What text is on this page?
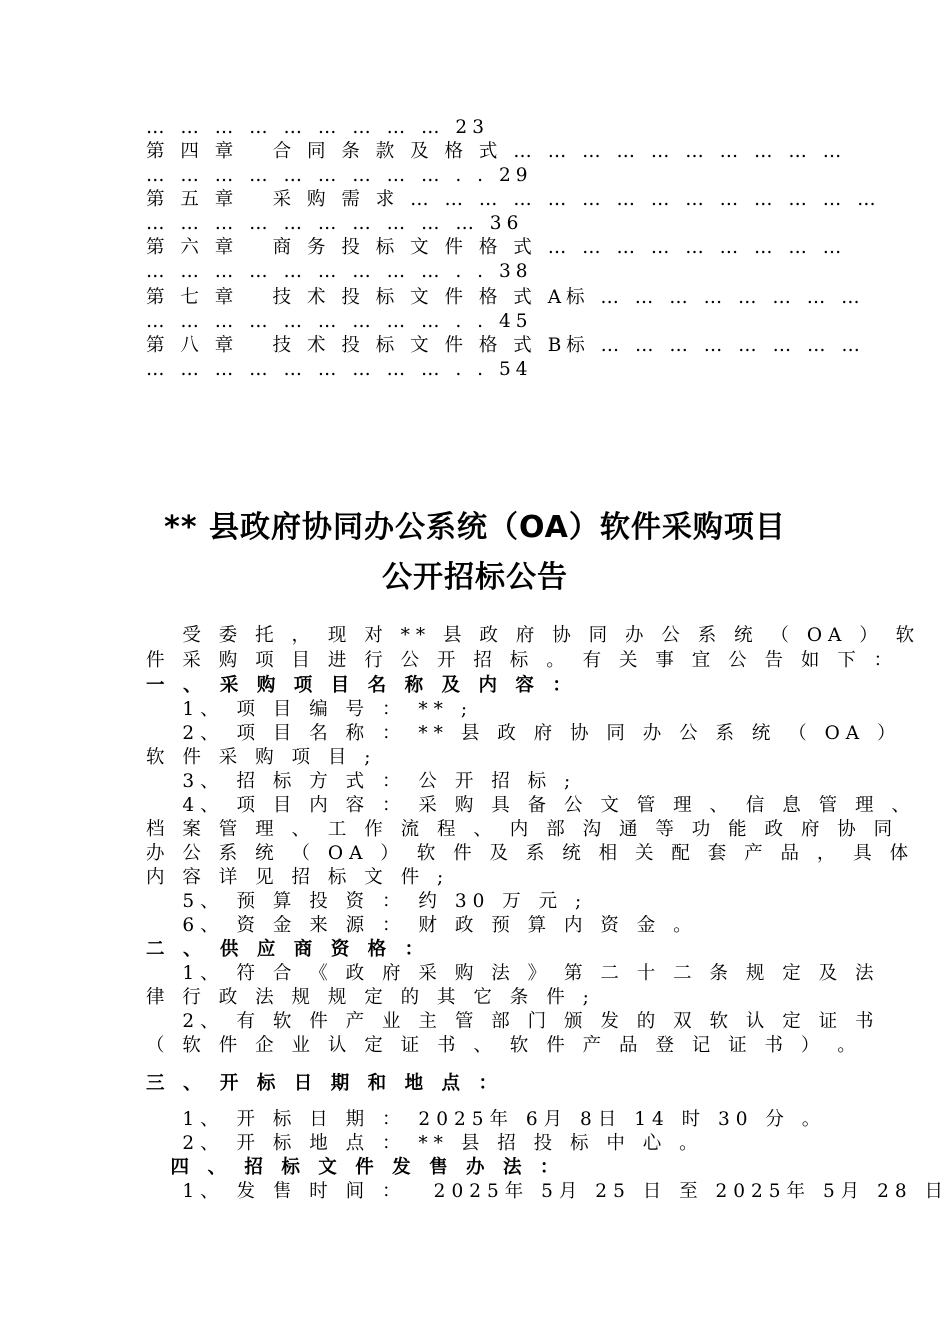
… … … … … … … … … 23
第 四 章　 合 同 条 款 及 格 式 … … … … … … … … … …
… … … … … … … … … . . 29
第 五 章　 采 购 需 求 … … … … … … … … … … … … … …
… … … … … … … … … … 36
第 六 章　 商 务 投 标 文 件 格 式 … … … … … … … … …
… … … … … … … … … . . 38
第 七 章　 技 术 投 标 文 件 格 式 A标 … … … … … … … …
… … … … … … … … … . . 45
第 八 章　 技 术 投 标 文 件 格 式 B标 … … … … … … … …
… … … … … … … … … . . 54
** 县政府协同办公系统（OA）软件采购项目
公开招标公告
　 受 委 托 ， 现 对 ** 县 政 府 协 同 办 公 系 统 （ OA ） 软
件 采 购 项 目 进 行 公 开 招 标 。 有 关 事 宜 公 告 如 下 ：
一 、 采 购 项 目 名 称 及 内 容 ：
　 1、 项 目 编 号 ： ** ;
　 2、 项 目 名 称 ： ** 县 政 府 协 同 办 公 系 统 （ OA ）
软 件 采 购 项 目 ;
　 3、 招 标 方 式 ： 公 开 招 标 ;
　 4、 项 目 内 容 ： 采 购 具 备 公 文 管 理 、 信 息 管 理 、
档 案 管 理 、 工 作 流 程 、 内 部 沟 通 等 功 能 政 府 协 同
办 公 系 统 （ OA ） 软 件 及 系 统 相 关 配 套 产 品 ， 具 体
内 容 详 见 招 标 文 件 ;
　 5、 预 算 投 资 ： 约 30 万 元 ;
　 6、 资 金 来 源 ： 财 政 预 算 内 资 金 。
二 、 供 应 商 资 格 ：
　 1、 符 合 《 政 府 采 购 法 》 第 二 十 二 条 规 定 及 法
律 行 政 法 规 规 定 的 其 它 条 件 ;
　 2、 有 软 件 产 业 主 管 部 门 颁 发 的 双 软 认 定 证 书
（ 软 件 企 业 认 定 证 书 、 软 件 产 品 登 记 证 书 ） 。
三 、 开 标 日 期 和 地 点 ：
　 1、 开 标 日 期 ： 2025年 6月 8日 14 时 30 分 。
　 2、 开 标 地 点 ： ** 县 招 投 标 中 心 。
　四 、 招 标 文 件 发 售 办 法 ：
　 1、 发 售 时 间 ：　 2025年 5月 25 日 至 2025年 5月 28 日
